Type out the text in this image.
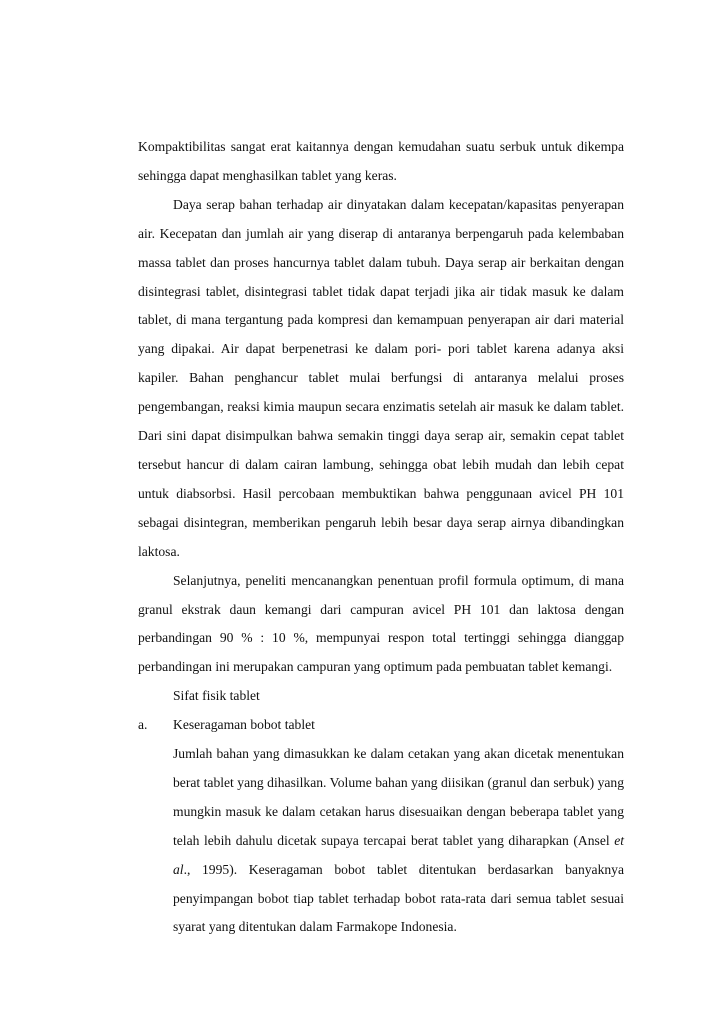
Kompaktibilitas sangat erat kaitannya dengan kemudahan suatu serbuk untuk dikempa sehingga dapat menghasilkan tablet yang keras.

Daya serap bahan terhadap air dinyatakan dalam kecepatan/kapasitas penyerapan air. Kecepatan dan jumlah air yang diserap di antaranya berpengaruh pada kelembaban massa tablet dan proses hancurnya tablet dalam tubuh. Daya serap air berkaitan dengan disintegrasi tablet, disintegrasi tablet tidak dapat terjadi jika air tidak masuk ke dalam tablet, di mana tergantung pada kompresi dan kemampuan penyerapan air dari material yang dipakai. Air dapat berpenetrasi ke dalam pori- pori tablet karena adanya aksi kapiler. Bahan penghancur tablet mulai berfungsi di antaranya melalui proses pengembangan, reaksi kimia maupun secara enzimatis setelah air masuk ke dalam tablet. Dari sini dapat disimpulkan bahwa semakin tinggi daya serap air, semakin cepat tablet tersebut hancur di dalam cairan lambung, sehingga obat lebih mudah dan lebih cepat untuk diabsorbsi. Hasil percobaan membuktikan bahwa penggunaan avicel PH 101 sebagai disintegran, memberikan pengaruh lebih besar daya serap airnya dibandingkan laktosa.

Selanjutnya, peneliti mencanangkan penentuan profil formula optimum, di mana granul ekstrak daun kemangi dari campuran avicel PH 101 dan laktosa dengan perbandingan 90 % : 10 %, mempunyai respon total tertinggi sehingga dianggap perbandingan ini merupakan campuran yang optimum pada pembuatan tablet kemangi.

Sifat fisik tablet

a.	Keseragaman bobot tablet

Jumlah bahan yang dimasukkan ke dalam cetakan yang akan dicetak menentukan berat tablet yang dihasilkan. Volume bahan yang diisikan (granul dan serbuk) yang mungkin masuk ke dalam cetakan harus disesuaikan dengan beberapa tablet yang telah lebih dahulu dicetak supaya tercapai berat tablet yang diharapkan (Ansel et al., 1995). Keseragaman bobot tablet ditentukan berdasarkan banyaknya penyimpangan bobot tiap tablet terhadap bobot rata-rata dari semua tablet sesuai syarat yang ditentukan dalam Farmakope Indonesia.
